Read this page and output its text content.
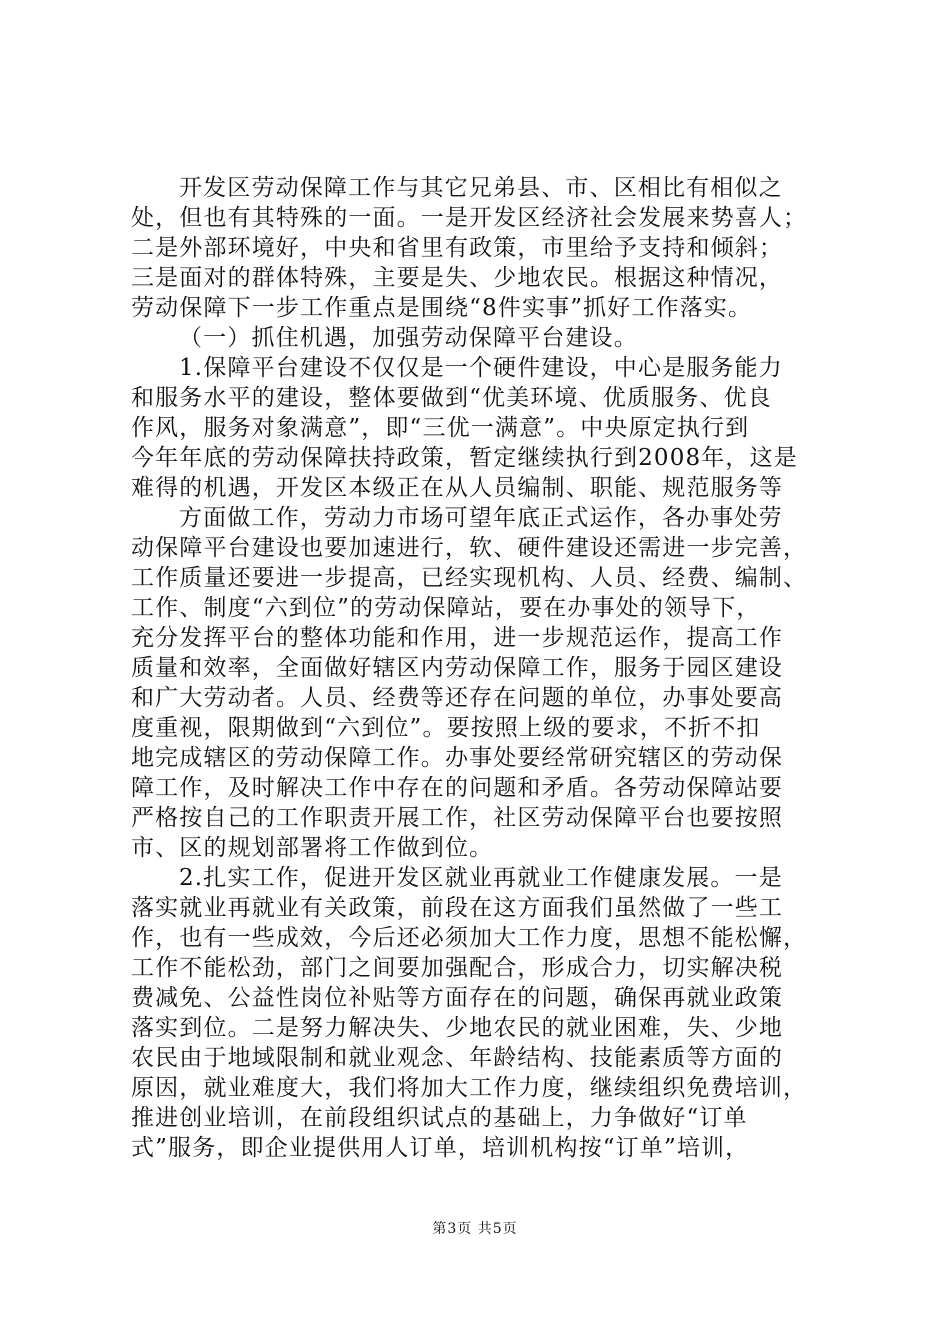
开发区劳动保障工作与其它兄弟县、市、区相比有相似之
处，但也有其特殊的一面。一是开发区经济社会发展来势喜人；
二是外部环境好，中央和省里有政策，市里给予支持和倾斜；
三是面对的群体特殊，主要是失、少地农民。根据这种情况，
劳动保障下一步工作重点是围绕“8件实事”抓好工作落实。
（一）抓住机遇，加强劳动保障平台建设。
1.保障平台建设不仅仅是一个硬件建设，中心是服务能力
和服务水平的建设，整体要做到“优美环境、优质服务、优良
作风，服务对象满意”，即“三优一满意”。中央原定执行到
今年年底的劳动保障扶持政策，暂定继续执行到2008年，这是
难得的机遇，开发区本级正在从人员编制、职能、规范服务等
方面做工作，劳动力市场可望年底正式运作，各办事处劳
动保障平台建设也要加速进行，软、硬件建设还需进一步完善，
工作质量还要进一步提高，已经实现机构、人员、经费、编制、
工作、制度“六到位”的劳动保障站，要在办事处的领导下，
充分发挥平台的整体功能和作用，进一步规范运作，提高工作
质量和效率，全面做好辖区内劳动保障工作，服务于园区建设
和广大劳动者。人员、经费等还存在问题的单位，办事处要高
度重视，限期做到“六到位”。要按照上级的要求，不折不扣
地完成辖区的劳动保障工作。办事处要经常研究辖区的劳动保
障工作，及时解决工作中存在的问题和矛盾。各劳动保障站要
严格按自己的工作职责开展工作，社区劳动保障平台也要按照
市、区的规划部署将工作做到位。
2.扎实工作，促进开发区就业再就业工作健康发展。一是
落实就业再就业有关政策，前段在这方面我们虽然做了一些工
作，也有一些成效，今后还必须加大工作力度，思想不能松懈，
工作不能松劲，部门之间要加强配合，形成合力，切实解决税
费减免、公益性岗位补贴等方面存在的问题，确保再就业政策
落实到位。二是努力解决失、少地农民的就业困难，失、少地
农民由于地域限制和就业观念、年龄结构、技能素质等方面的
原因，就业难度大，我们将加大工作力度，继续组织免费培训，
推进创业培训，在前段组织试点的基础上，力争做好“订单
式”服务，即企业提供用人订单，培训机构按“订单”培训，
第3页 共5页
